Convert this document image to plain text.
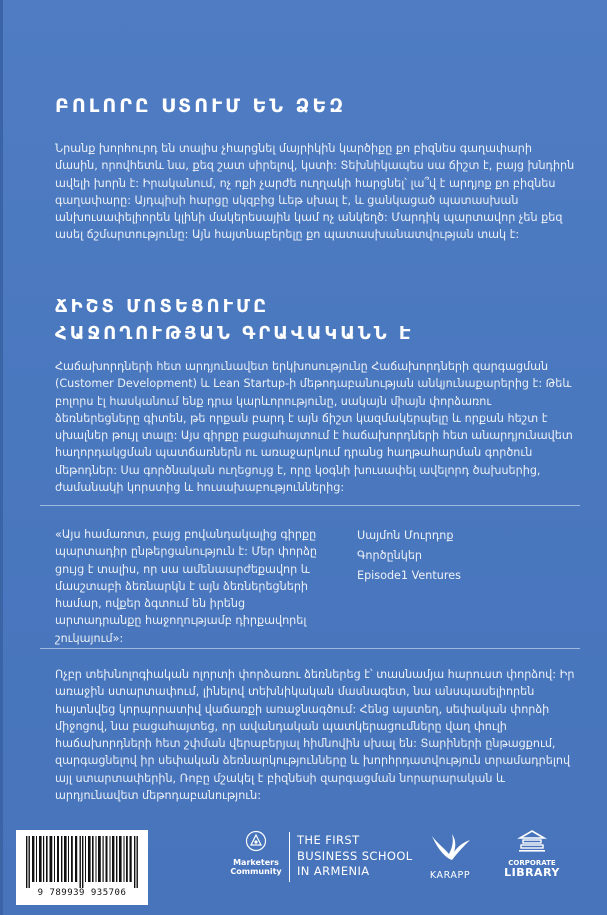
ԲՈԼՈՐԸ ՍՏՈՒՄ ԵՆ ՁԵԶ
Նրանք խորհուրդ են տալիս չհարցնել մայրիկին կարծիքը քո բիզնես գաղափարի մասին, որովհետև նա, քեզ շատ սիրելով, կստի: Տեխնիկապես սա ճիշտ է, բայց խնդիրն ավելի խորն է: Իրականում, ոչ ոքի չարժե ուղղակի հարցնել՝ լա՞վ է արդյոք քո բիզնես գաղափարը: Այդպիսի հարցը սկզբից ևեթ սխալ է, և ցանկացած պատասխան անխուսափելիորեն կլինի մակերեսային կամ ոչ անկեղծ: Մարդիկ պարտավոր չեն քեզ ասել ճշմարտությունը: Այն հայտնաբերելը քո պատասխանատվության տակ է:
ՃԻՇՏ ՄՈՏԵՑՈՒՄԸ
ՀԱՋՈՂՈՒԹՅԱՆ ԳՐԱՎԱԿԱՆՆ Է
Հաճախորդների հետ արդյունավետ երկխոսությունը Հաճախորդների զարգացման (Customer Development) և Lean Startup-ի մեթոդաբանության անկյունաքարերից է: Թեև բոլորս էլ հասկանում ենք դրա կարևորությունը, սակայն միայն փորձառու ձեռներեցները գիտեն, թե որքան բարդ է այն ճիշտ կազմակերպելը և որքան հեշտ է սխալներ թույլ տալը: Այս գիրքը բացահայտում է հաճախորդների հետ անարդյունավետ հաղորդակցման պատճառներն ու առաջարկում դրանց հաղթահարման գործուն մեթոդներ: Սա գործնական ուղեցույց է, որը կօգնի խուսափել ավելորդ ծախսերից, ժամանակի կորստից և հուսախաբություններից:
«Այս համառոտ, բայց բովանդակալից գիրքը պարտադիր ընթերցանություն է: Մեր փորձը ցույց է տալիս, որ սա ամենաարժեքավոր և մասշտաբի ձեռնարկն է այն ձեռներեցների համար, ովքեր ձգտում են իրենց արտադրանքը հաջողությամբ դիրքավորել շուկայում»:
Սայմոն Մուրդոք
Գործընկեր
Episode1 Ventures
Ոչբր տեխնոլոգիական ոլորտի փորձառու ձեռներեց է՝ տասնամյա հարուստ փորձով: Իր առաջին ստարտափում, լինելով տեխնիկական մասնագետ, նա անսպասելիորեն հայտնվեց կորպորատիվ վաճառքի առաջնագծում: Հենց այստեղ, սեփական փորձի միջոցով, նա բացահայտեց, որ ավանդական պատկերացումները վաղ փուլի հաճախորդների հետ շփման վերաբերյալ հիմնովին սխալ են: Տարիների ընթացքում, զարգացնելով իր սեփական ձեռնարկությունները և խորհրդատվություն տրամադրելով այլ ստարտափերին, Ռոբը մշակել է բիզնեսի զարգացման նորարարական և արդյունավետ մեթոդաբանություն:
9 789939 935706
Marketers
Community
THE FIRST
BUSINESS SCHOOL
IN ARMENIA	KARAPP
CORPORATE
LIBRARY
